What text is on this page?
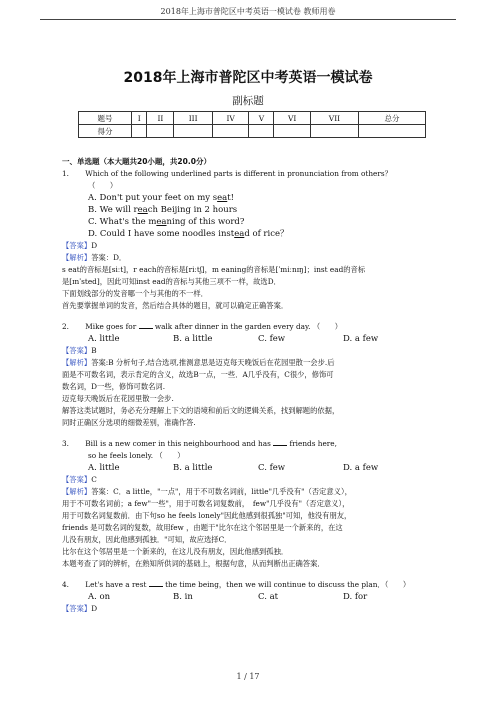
2018年上海市普陀区中考英语一模试卷 教师用卷
2018年上海市普陀区中考英语一模试卷
副标题
题号	I	II	III	IV	V	VI	VII	总分
得分								
一、单选题（本大题共20小题，共20.0分）
1. Which of the following underlined parts is different in pronunciation from others？
（　　）
A. Don't put your feet on my seat!
B. We will reach Beijing in 2 hours
C. What's the meaning of this word?
D. Could I have some noodles instead of rice？
【答案】D
【解析】答案：D．
s eat的音标是[siːt]，r each的音标是[riːtʃ]，m eaning的音标是[ˈmiːnɪŋ]；inst ead的音标
是[ɪnˈsted]，因此可知inst ead的音标与其他三项不一样，故选D．
下面划线部分的发音哪一个与其他的不一样．
首先要掌握单词的发音，然后结合具体的题目，就可以确定正确答案．
2. Mike goes for	walk after dinner in the garden every day. （　　）
A. little	B. a little	C. few	D. a few
【答案】B
【解析】答案:B 分析句子,结合选项,推测意思是迈克每天晚饭后在花园里散一会步.后
面是不可数名词，表示肯定的含义，故选B一点，一些．A几乎没有，C很少，修饰可
数名词，D一些，修饰可数名词.
迈克每天晚饭后在花园里散一会步.
解答这类试题时，务必充分理解上下文的语境和前后文的逻辑关系，找到解题的依据，
同时正确区分选项的细微差别，准确作答.
3. Bill is a new comer in this neighbourhood and has	friends here,
so he feels lonely. （　　）
A. little	B. a little	C. few	D. a few
【答案】C
【解析】答案：C．a little，"一点"，用于不可数名词前，little"几乎没有"（否定意义），
用于不可数名词前；a few"一些"，用于可数名词复数前，　few"几乎没有"（否定意义），
用于可数名词复数前．由下句so he feels lonely"因此他感到很孤独"可知，他没有朋友，
friends 是可数名词的复数，故用few ，由题干"比尔在这个邻居里是一个新来的，在这
儿没有朋友，因此他感到孤独．"可知，故应选择C．
比尔在这个邻居里是一个新来的，在这儿没有朋友，因此他感到孤独．
本题考查了词的辨析，在熟知所供词的基础上，根据句意，从而判断出正确答案．
4. Let's have a rest	the time being，then we will continue to discuss the plan．（　　）
A. on	B. in	C. at	D. for
【答案】D
1 / 17
